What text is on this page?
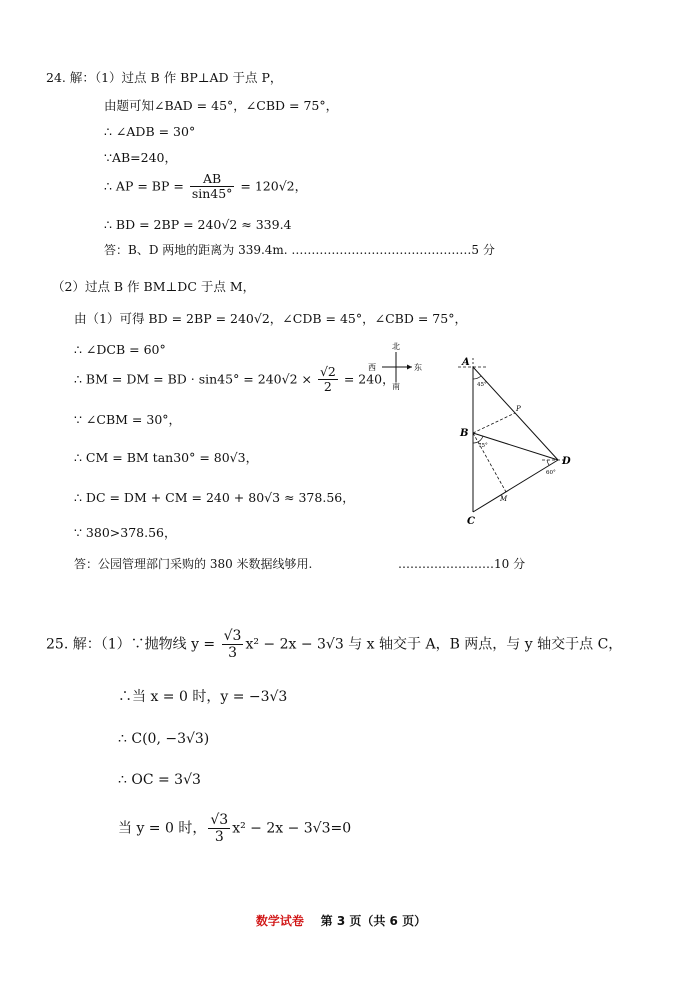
24. 解：（1）过点 B 作 BP⊥AD 于点 P，
由题可知∠BAD = 45°，∠CBD = 75°，
∴ ∠ADB = 30°
∵AB=240，
∴ AP = BP = $\frac{AB}{\sin 45^\circ} = 120√2$，
∴ BD = 2BP = 240√2 ≈ 339.4
答：B、D 两地的距离为 339.4m. ………………………………………5 分
（2）过点 B 作 BM⊥DC 于点 M，
由（1）可得 BD = 2BP = 240√2，∠CDB = 45°，∠CBD = 75°，
∴ ∠DCB = 60°
∴ BM = DM = BD · $\sin 45^\circ = 240√2 \times \frac{√2}{2} = 240$，
∵ ∠CBM = 30°，
∴ CM = BM tan30° = 80√3，
∴ DC = DM + CM = 240 + 80√3 ≈ 378.56，
∵ 380>378.56，
答：公园管理部门采购的 380 米数据线够用.	……………………10 分
北
西	东
南
A
B
C
D
P
M
45°
75°
60°
25. 解：（1）∵抛物线 $y = \frac{√3}{3} x^2 - 2x - 3√3$ 与 x 轴交于 A，B 两点，与 y 轴交于点 C，
∴当 x = 0 时，y = −3√3
∴ C(0, −3√3)
∴ OC = 3√3
当 y = 0 时， $\frac{√3}{3} x^2 - 2x - 3√3=0$
数学试卷 第 3 页（共 6 页）
